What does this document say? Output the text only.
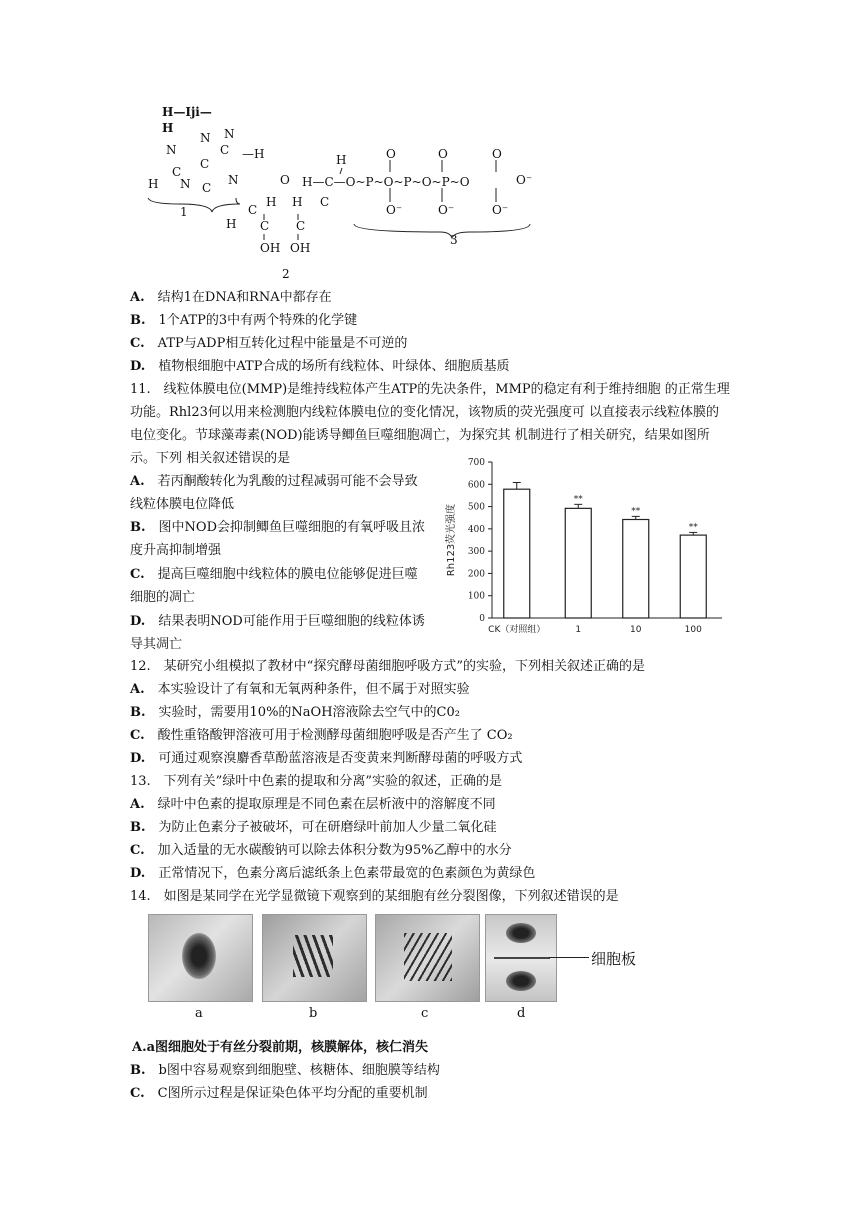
H—Iji—
H
N
N
C
C
H N C
N
C —H
N
C
H
O
C
H
H C C
OH OH
H—C—O~P~O~P~O~P~O
H	O	O	O
O⁻	O⁻	O⁻
O⁻
1
3
2
A.　 结构1在DNA和RNA中都存在
B.　 1个ATP的3中有两个特殊的化学键
C.　 ATP与ADP相互转化过程中能量是不可逆的
D.　 植物根细胞中ATP合成的场所有线粒体、叶绿体、细胞质基质
11.　线粒体膜电位(MMP)是维持线粒体产生ATP的先决条件，MMP的稳定有利于维持细胞 的正常生理功能。Rhl23何以用来检测胞内线粒体膜电位的变化情况，该物质的荧光强度可 以直接表示线粒体膜的电位变化。节球藻毒素(NOD)能诱导鲫鱼巨噬细胞凋亡，为探究其 机制进行了相关研究，结果如图所示。下列 相关叙述错误的是
A.　 若丙酮酸转化为乳酸的过程减弱可能不会导致线粒体膜电位降低
B.　 图中NOD会抑制鲫鱼巨噬细胞的有氧呼吸且浓度升高抑制增强
C.　 提高巨噬细胞中线粒体的膜电位能够促进巨噬细胞的凋亡
D.　 结果表明NOD可能作用于巨噬细胞的线粒体诱导其凋亡
0
100
200
300
400
500
600
700
Rh123荧光强度
CK（对照组）
**
1
**
10
**
100
12.　某研究小组模拟了教材中“探究酵母菌细胞呼吸方式”的实验，下列相关叙述正确的是
A.　 本实验设计了有氧和无氧两种条件，但不属于对照实验
B.　 实验时，需要用10%的NaOH溶液除去空气中的C0₂
C.　 酸性重铬酸钾溶液可用于检测酵母菌细胞呼吸是否产生了 CO₂
D.　 可通过观察溴麝香草酚蓝溶液是否变黄来判断酵母菌的呼吸方式
13.　下列有关”绿叶中色素的提取和分离”实验的叙述，正确的是
A.　 绿叶中色素的提取原理是不同色素在层析液中的溶解度不同
B.　 为防止色素分子被破坏，可在研磨绿叶前加人少量二氧化硅
C.　 加入适量的无水碳酸钠可以除去体积分数为95%乙醇中的水分
D.　 正常情况下，色素分离后滤纸条上色素带最宽的色素颜色为黄绿色
14.　如图是某同学在光学显微镜下观察到的某细胞有丝分裂图像，下列叙述错误的是
细胞板
a	b	c	d
A.a图细胞处于有丝分裂前期，核膜解体，核仁消失
B.　 b图中容易观察到细胞壁、核糖体、细胞膜等结构
C.　 C图所示过程是保证染色体平均分配的重要机制
